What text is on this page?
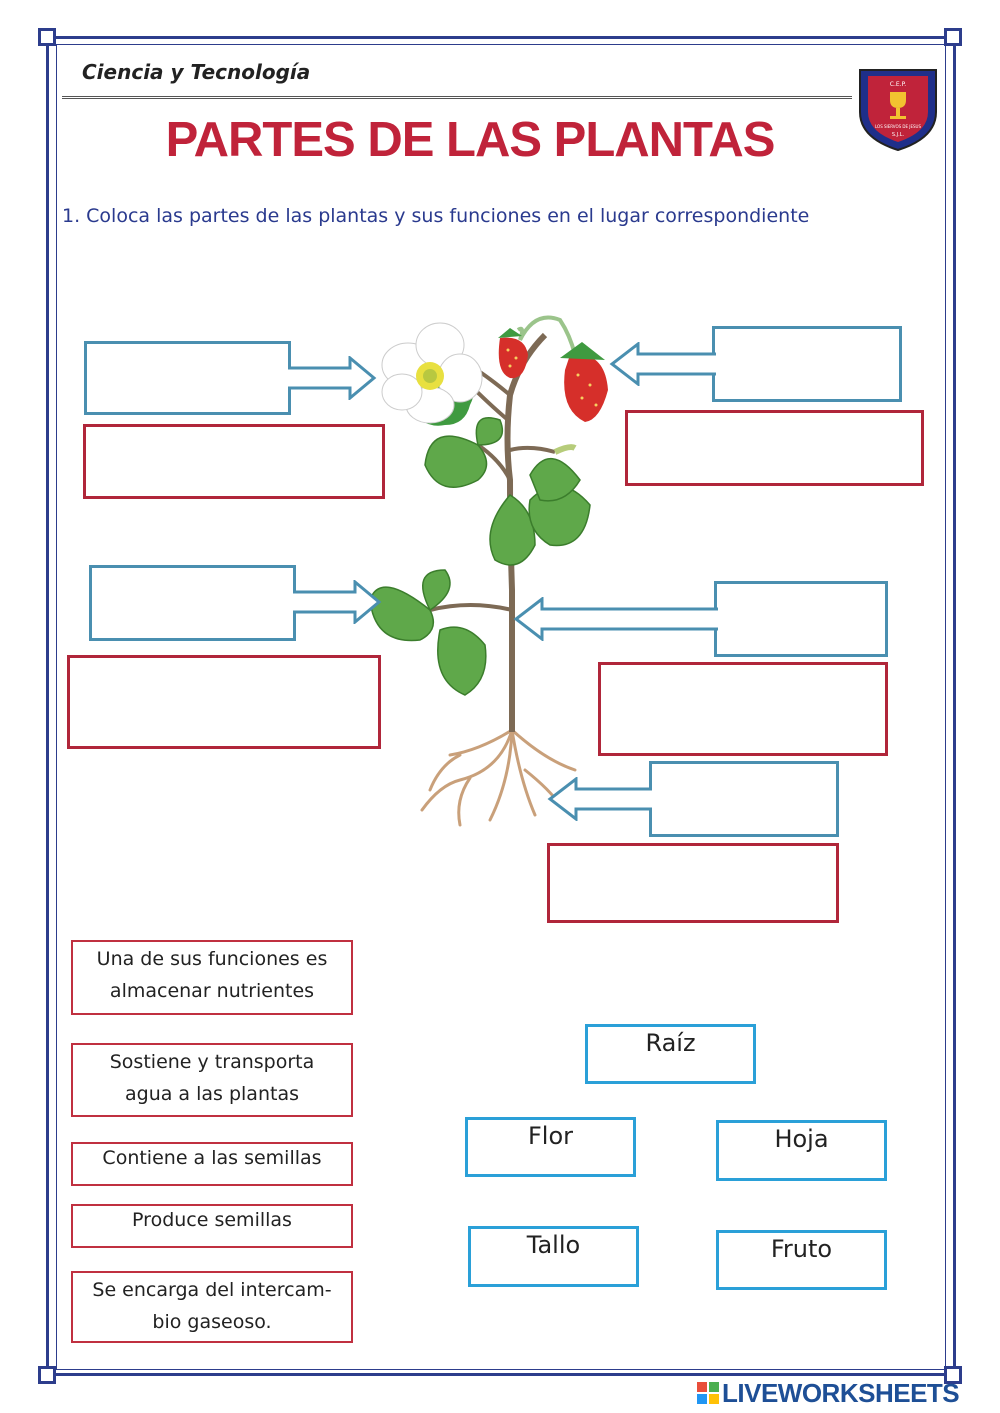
Ciencia y Tecnología
C.E.P.
LOS SIERVOS DE JESUS
S.J.L.
PARTES DE LAS PLANTAS
1. Coloca las partes de las plantas y sus funciones en el lugar correspondiente
Una de sus funciones es
almacenar nutrientes
Sostiene y transporta
agua a las plantas
Contiene a las semillas
Produce semillas
Se encarga del intercam-
bio gaseoso.
Raíz
Flor	Hoja
Tallo	Fruto
LIVEWORKSHEETS
